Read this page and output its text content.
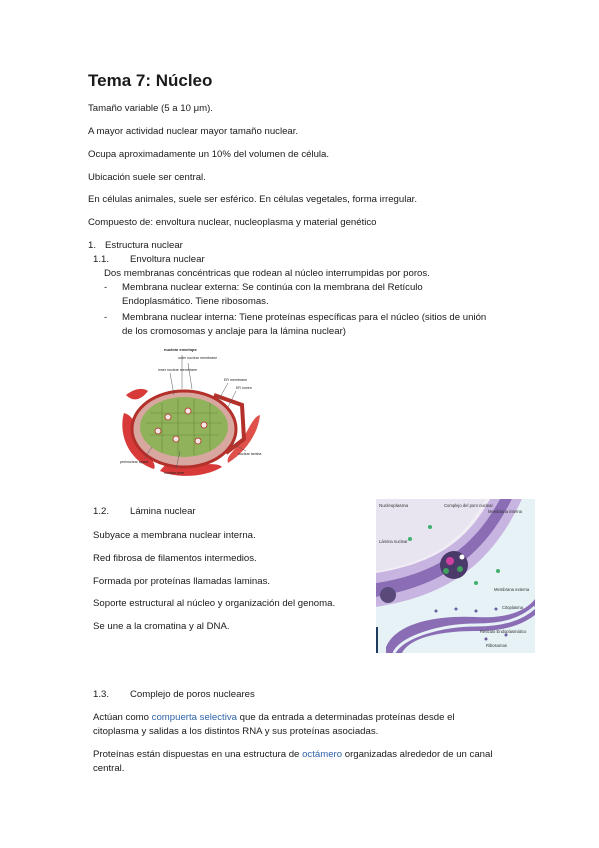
Tema 7: Núcleo
Tamaño variable (5 a 10 μm).
A mayor actividad nuclear mayor tamaño nuclear.
Ocupa aproximadamente un 10% del volumen de célula.
Ubicación suele ser central.
En células animales, suele ser esférico. En células vegetales, forma irregular.
Compuesto de: envoltura nuclear, nucleoplasma y material genético
1. Estructura nuclear
1.1. Envoltura nuclear
Dos membranas concéntricas que rodean al núcleo interrumpidas por poros.
- Membrana nuclear externa: Se continúa con la membrana del Retículo
Endoplasmático. Tiene ribosomas.
- Membrana nuclear interna: Tiene proteínas específicas para el núcleo (sitios de unión
de los cromosomas y anclaje para la lámina nuclear)
nuclear envelope
outer nuclear membrane
inner nuclear membrane
ER membrane
ER lumen
perinuclear space
nuclear pore
nuclear lamina
1.2. Lámina nuclear
Subyace a membrana nuclear interna.
Red fibrosa de filamentos intermedios.
Formada por proteínas llamadas laminas.
Soporte estructural al núcleo y organización del genoma.
Se une a la cromatina y al DNA.
Nucleoplasma	Complejo del poro nuclear
Membrana interna
Lámina nuclear
Membrana externa
Citoplasma
Retículo Endoplasmático
Ribosomas
1.3. Complejo de poros nucleares
Actúan como compuerta selectiva que da entrada a determinadas proteínas desde el
citoplasma y salidas a los distintos RNA y sus proteínas asociadas.
Proteínas están dispuestas en una estructura de octámero organizadas alrededor de un canal
central.
